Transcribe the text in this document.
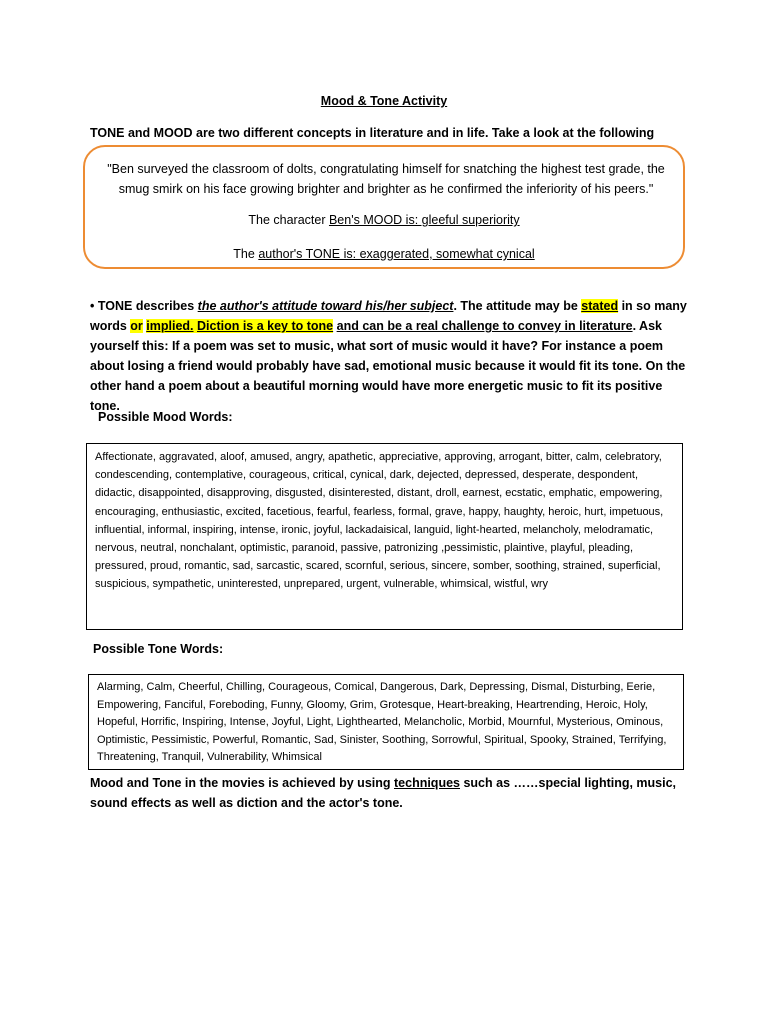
Mood & Tone Activity
TONE and MOOD are two different concepts in literature and in life. Take a look at the following
"Ben surveyed the classroom of dolts, congratulating himself for snatching the highest test grade, the smug smirk on his face growing brighter and brighter as he confirmed the inferiority of his peers."
The character Ben's MOOD is: gleeful superiority
The author's TONE is: exaggerated, somewhat cynical
• TONE describes the author's attitude toward his/her subject. The attitude may be stated in so many words or implied. Diction is a key to tone and can be a real challenge to convey in literature. Ask yourself this: If a poem was set to music, what sort of music would it have? For instance a poem about losing a friend would probably have sad, emotional music because it would fit its tone. On the other hand a poem about a beautiful morning would have more energetic music to fit its positive tone.
Possible Mood Words:
Affectionate, aggravated, aloof, amused, angry, apathetic, appreciative, approving, arrogant, bitter, calm, celebratory, condescending, contemplative, courageous, critical, cynical, dark, dejected, depressed, desperate, despondent, didactic, disappointed, disapproving, disgusted, disinterested, distant, droll, earnest, ecstatic, emphatic, empowering, encouraging, enthusiastic, excited, facetious, fearful, fearless, formal, grave, happy, haughty, heroic, hurt, impetuous, influential, informal, inspiring, intense, ironic, joyful, lackadaisical, languid, light-hearted, melancholy, melodramatic, nervous, neutral, nonchalant, optimistic, paranoid, passive, patronizing ,pessimistic, plaintive, playful, pleading, pressured, proud, romantic, sad, sarcastic, scared, scornful, serious, sincere, somber, soothing, strained, superficial, suspicious, sympathetic, uninterested, unprepared, urgent, vulnerable, whimsical, wistful, wry
Possible Tone Words:
Alarming, Calm, Cheerful, Chilling, Courageous, Comical, Dangerous, Dark, Depressing, Dismal, Disturbing, Eerie, Empowering, Fanciful, Foreboding, Funny, Gloomy, Grim, Grotesque, Heart-breaking, Heartrending, Heroic, Holy, Hopeful, Horrific, Inspiring, Intense, Joyful, Light, Lighthearted, Melancholic, Morbid, Mournful, Mysterious, Ominous, Optimistic, Pessimistic, Powerful, Romantic, Sad, Sinister, Soothing, Sorrowful, Spiritual, Spooky, Strained, Terrifying, Threatening, Tranquil, Vulnerability, Whimsical
Mood and Tone in the movies is achieved by using techniques such as ……special lighting, music, sound effects as well as diction and the actor's tone.
